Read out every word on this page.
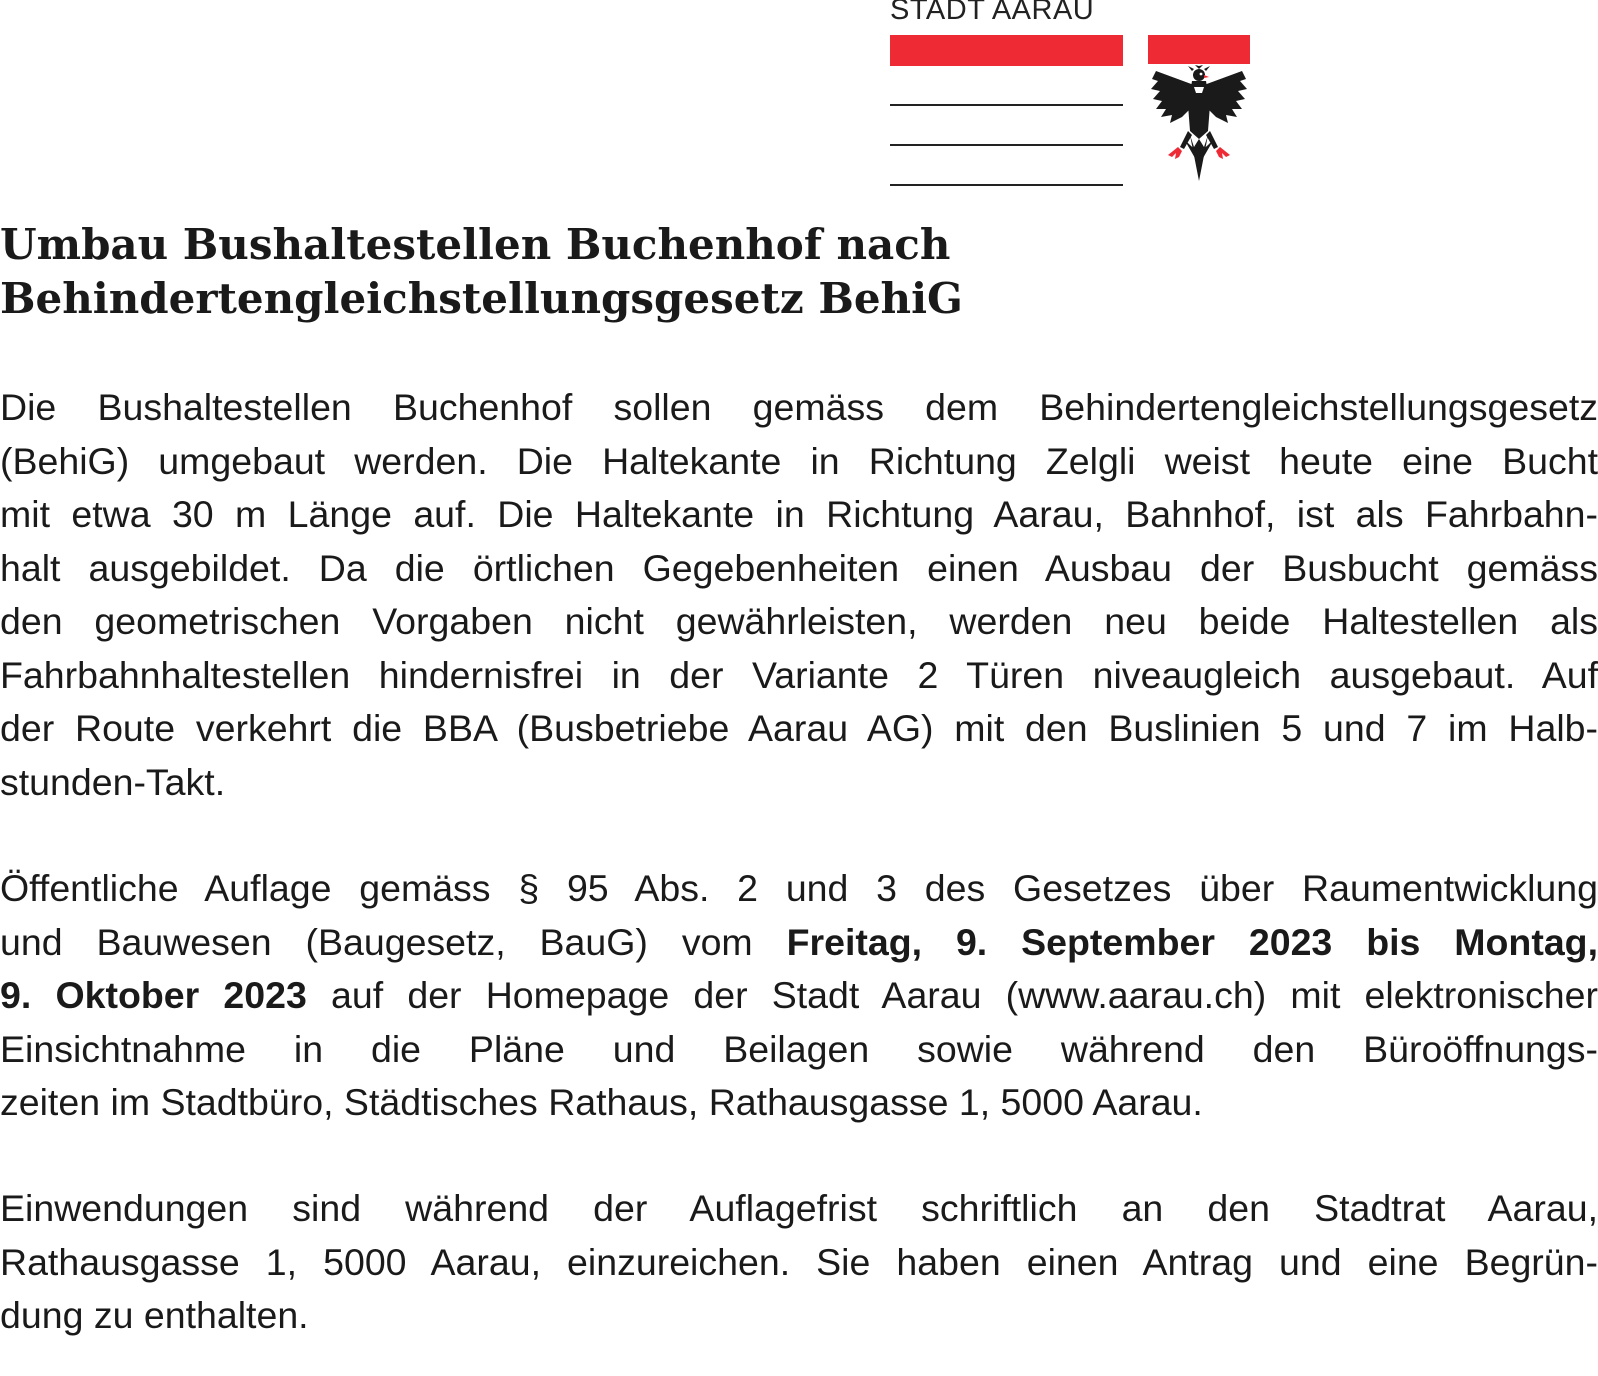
STADT AARAU
Umbau Bushaltestellen Buchenhof nach
Behindertengleichstellungsgesetz BehiG
Die Bushaltestellen Buchenhof sollen gemäss dem Behindertengleichstellungsgesetz
(BehiG) umgebaut werden. Die Haltekante in Richtung Zelgli weist heute eine Bucht
mit etwa 30 m Länge auf. Die Haltekante in Richtung Aarau, Bahnhof, ist als Fahrbahn-
halt ausgebildet. Da die örtlichen Gegebenheiten einen Ausbau der Busbucht gemäss
den geometrischen Vorgaben nicht gewährleisten, werden neu beide Haltestellen als
Fahrbahnhaltestellen hindernisfrei in der Variante 2 Türen niveaugleich ausgebaut. Auf
der Route verkehrt die BBA (Busbetriebe Aarau AG) mit den Buslinien 5 und 7 im Halb-
stunden-Takt.
Öffentliche Auflage gemäss § 95 Abs. 2 und 3 des Gesetzes über Raumentwicklung
und Bauwesen (Baugesetz, BauG) vom Freitag, 9. September 2023 bis Montag,
9. Oktober 2023 auf der Homepage der Stadt Aarau (www.aarau.ch) mit elektronischer
Einsichtnahme in die Pläne und Beilagen sowie während den Büroöffnungs-
zeiten im Stadtbüro, Städtisches Rathaus, Rathausgasse 1, 5000 Aarau.
Einwendungen sind während der Auflagefrist schriftlich an den Stadtrat Aarau,
Rathausgasse 1, 5000 Aarau, einzureichen. Sie haben einen Antrag und eine Begrün-
dung zu enthalten.
